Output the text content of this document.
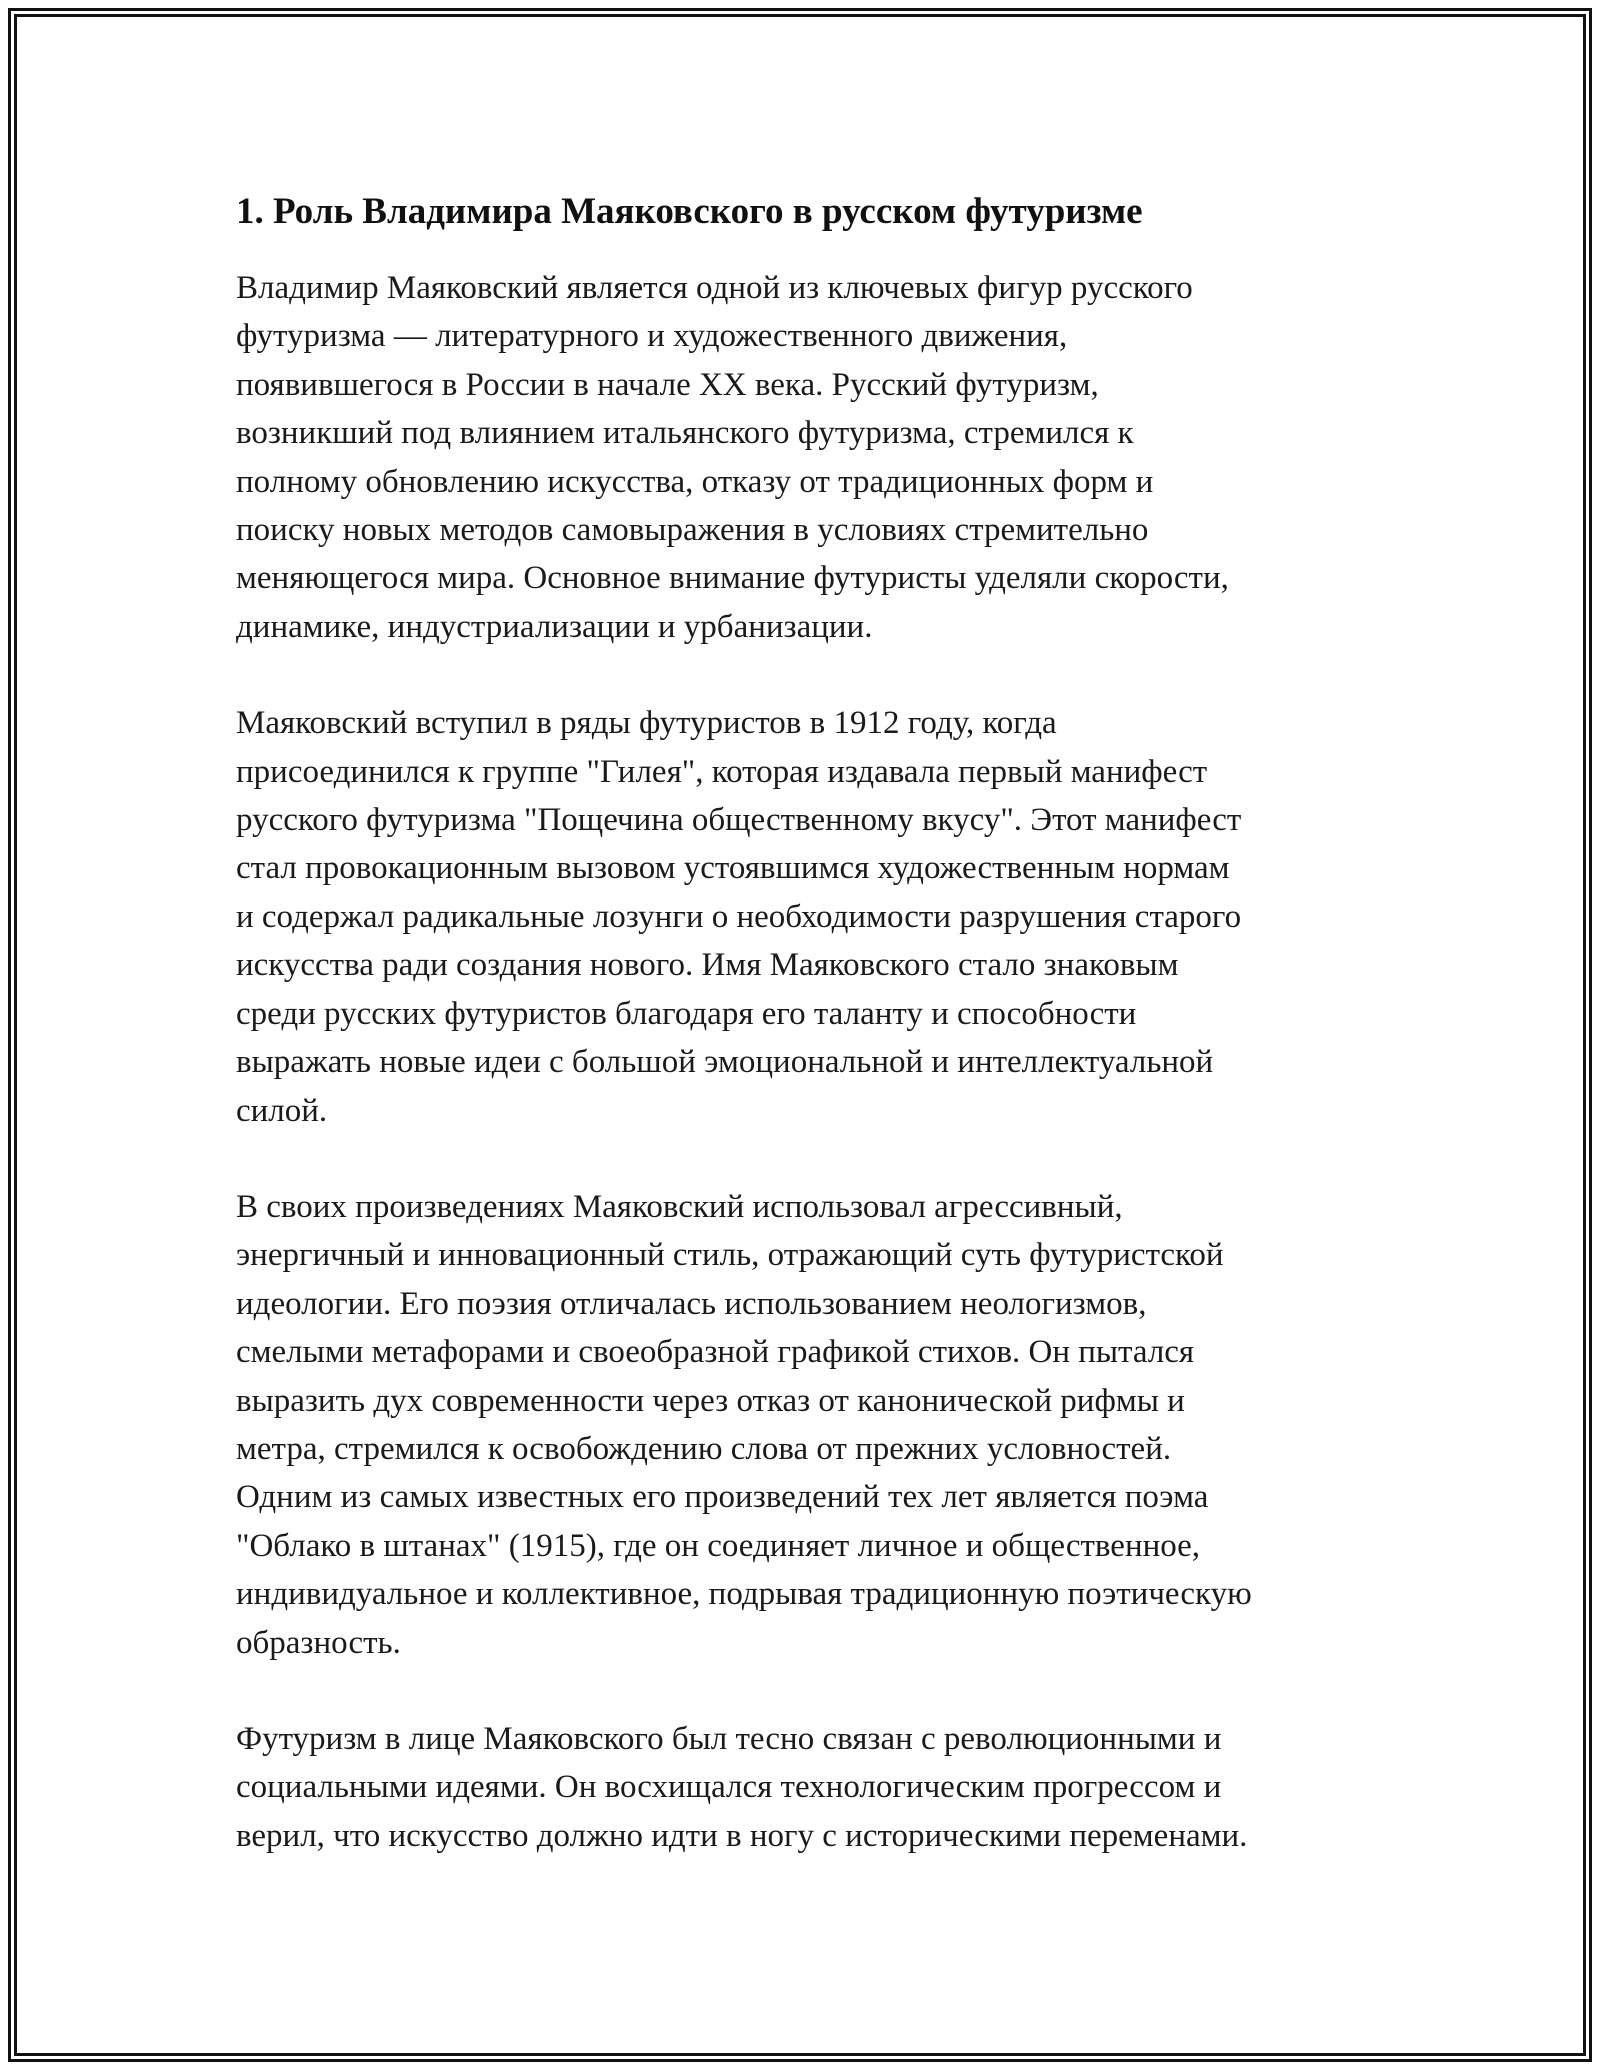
1. Роль Владимира Маяковского в русском футуризме

Владимир Маяковский является одной из ключевых фигур русского
футуризма — литературного и художественного движения,
появившегося в России в начале XX века. Русский футуризм,
возникший под влиянием итальянского футуризма, стремился к
полному обновлению искусства, отказу от традиционных форм и
поиску новых методов самовыражения в условиях стремительно
меняющегося мира. Основное внимание футуристы уделяли скорости,
динамике, индустриализации и урбанизации.

Маяковский вступил в ряды футуристов в 1912 году, когда
присоединился к группе "Гилея", которая издавала первый манифест
русского футуризма "Пощечина общественному вкусу". Этот манифест
стал провокационным вызовом устоявшимся художественным нормам
и содержал радикальные лозунги о необходимости разрушения старого
искусства ради создания нового. Имя Маяковского стало знаковым
среди русских футуристов благодаря его таланту и способности
выражать новые идеи с большой эмоциональной и интеллектуальной
силой.

В своих произведениях Маяковский использовал агрессивный,
энергичный и инновационный стиль, отражающий суть футуристской
идеологии. Его поэзия отличалась использованием неологизмов,
смелыми метафорами и своеобразной графикой стихов. Он пытался
выразить дух современности через отказ от канонической рифмы и
метра, стремился к освобождению слова от прежних условностей.
Одним из самых известных его произведений тех лет является поэма
"Облако в штанах" (1915), где он соединяет личное и общественное,
индивидуальное и коллективное, подрывая традиционную поэтическую
образность.

Футуризм в лице Маяковского был тесно связан с революционными и
социальными идеями. Он восхищался технологическим прогрессом и
верил, что искусство должно идти в ногу с историческими переменами.
